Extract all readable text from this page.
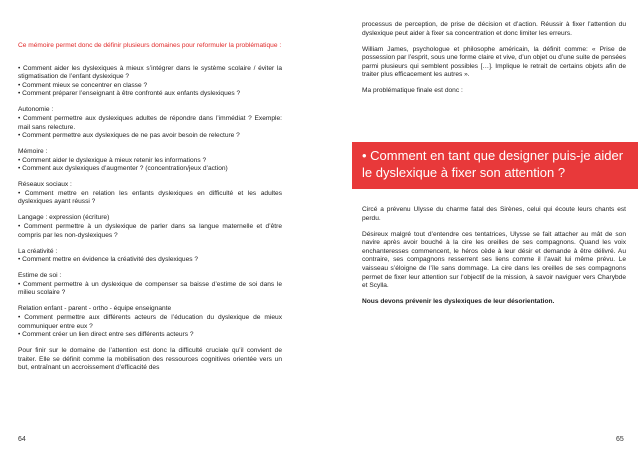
Ce mémoire permet donc de définir plusieurs domaines pour reformuler la problématique :

• Comment aider les dyslexiques à mieux s’intégrer dans le système scolaire / éviter la stigmatisation de l’enfant dyslexique ?
• Comment mieux se concentrer en classe ?
• Comment préparer l’enseignant à être confronté aux enfants dyslexiques ?

Autonomie :
• Comment permettre aux dyslexiques adultes de répondre dans l’immédiat ? Exemple: mail sans relecture.
• Comment permettre aux dyslexiques de ne pas avoir besoin de relecture ?

Mémoire :
• Comment aider le dyslexique à mieux retenir les informations ?
• Comment aux dyslexiques d’augmenter ? (concentration/jeux d’action)

Réseaux sociaux :
• Comment mettre en relation les enfants dyslexiques en difficulté et les adultes dyslexiques ayant réussi ?

Langage : expression (écriture)
• Comment permettre à un dyslexique de parler dans sa langue maternelle et d’être compris par les non-dyslexiques ?

La créativité :
• Comment mettre en évidence la créativité des dyslexiques ?

Estime de soi :
• Comment permettre à un dyslexique de compenser sa baisse d’estime de soi dans le milieu scolaire ?

Relation enfant - parent - ortho - équipe enseignante
• Comment permettre aux différents acteurs de l’éducation du dyslexique de mieux communiquer entre eux ?
• Comment créer un lien direct entre ses différents acteurs ?

Pour finir sur le domaine de l’attention est donc la difficulté cruciale qu’il convient de traiter. Elle se définit comme la mobilisation des ressources cognitives orientée vers un but, entraînant un accroissement d’efficacité des

64

processus de perception, de prise de décision et d’action. Réussir à fixer l’attention du dyslexique peut aider à fixer sa concentration et donc limiter les erreurs.

William James, psychologue et philosophe américain, la définit comme: « Prise de possession par l’esprit, sous une forme claire et vive, d’un objet ou d’une suite de pensées parmi plusieurs qui semblent possibles […]. Implique le retrait de certains objets afin de traiter plus efficacement les autres ».

Ma problématique finale est donc :

• Comment en tant que designer puis-je aider le dyslexique à fixer son attention ?

Circé a prévenu Ulysse du charme fatal des Sirènes, celui qui écoute leurs chants est perdu.

Désireux malgré tout d’entendre ces tentatrices, Ulysse se fait attacher au mât de son navire après avoir bouché à la cire les oreilles de ses compagnons. Quand les voix enchanteresses commencent, le héros cède à leur désir et demande à être délivré. Au contraire, ses compagnons resserrent ses liens comme il l’avait lui même prévu. Le vaisseau s’éloigne de l’île sans dommage. La cire dans les oreilles de ses compagnons permet de fixer leur attention sur l’objectif de la mission, à savoir naviguer vers Charybde et Scylla.

Nous devons prévenir les dyslexiques de leur désorientation.

65
